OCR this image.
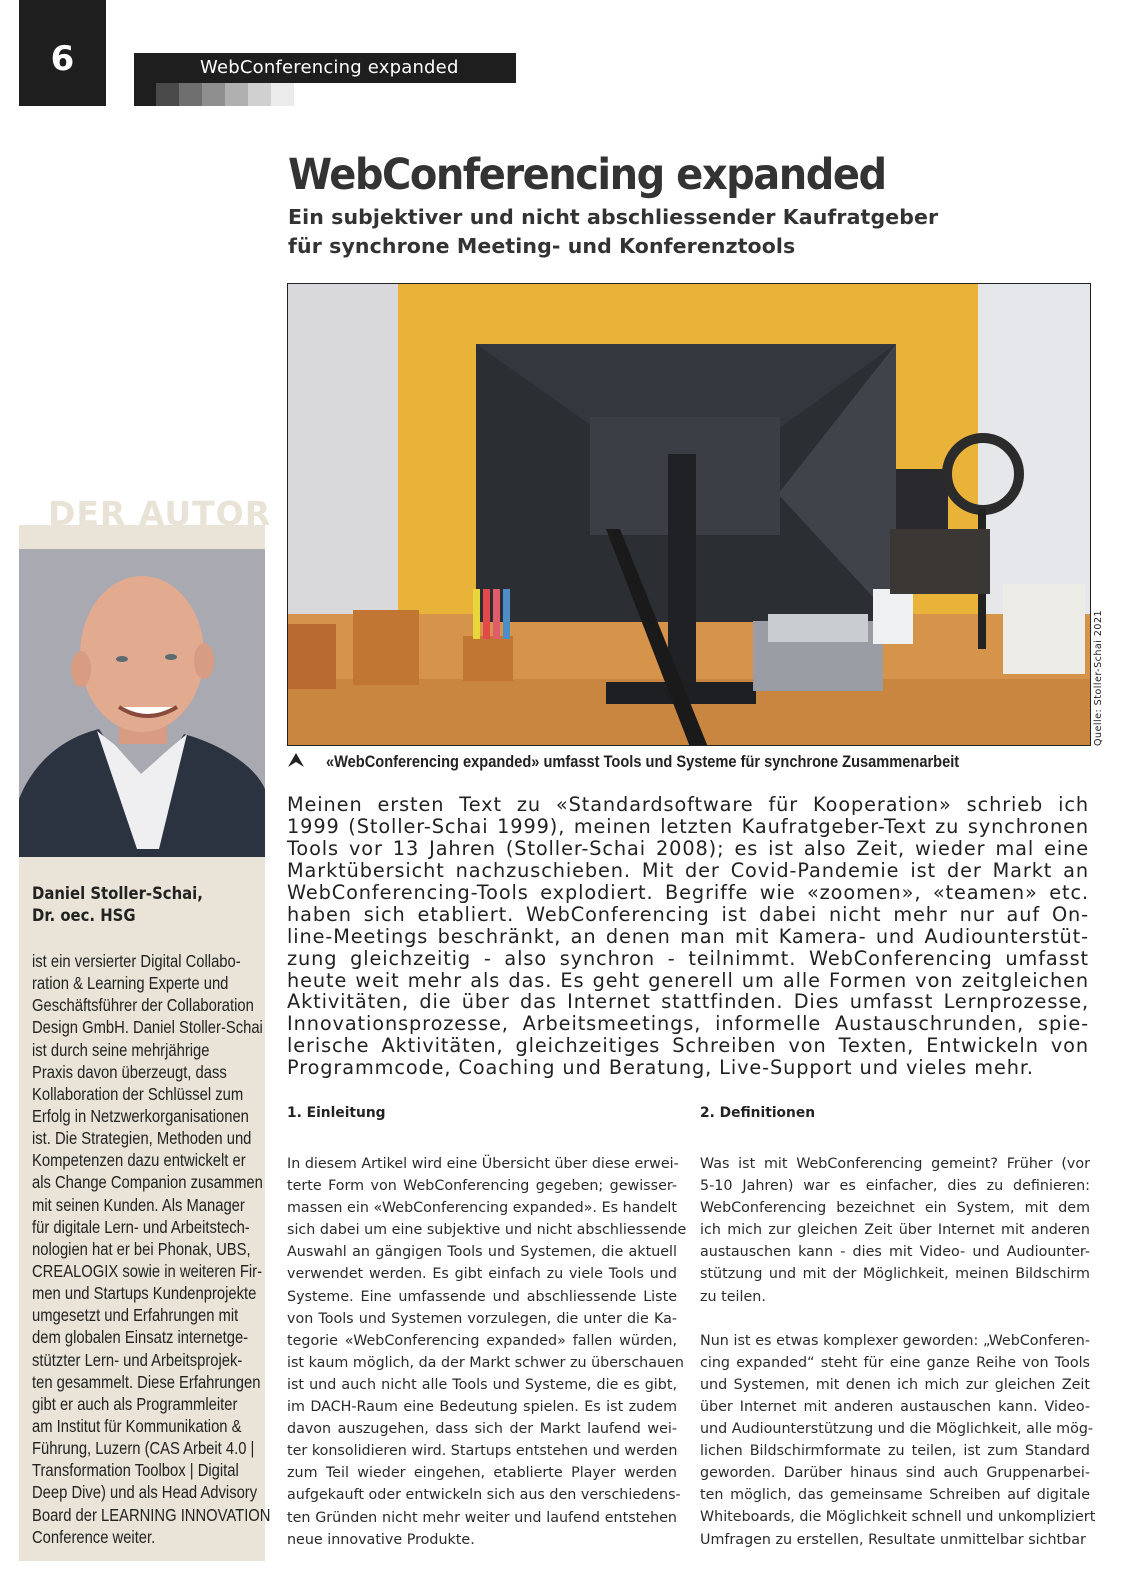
6	WebConferencing expanded
WebConferencing expanded
Ein subjektiver und nicht abschliessender Kaufratgeber
für synchrone Meeting- und Konferenztools
Quelle: Stoller-Schai 2021
«WebConferencing expanded» umfasst Tools und Systeme für synchrone Zusammenarbeit
DER AUTOR
Daniel Stoller-Schai,
Dr. oec. HSG
ist ein versierter Digital Collabo-
ration & Learning Experte und
Geschäftsführer der Collaboration
Design GmbH. Daniel Stoller-Schai
ist durch seine mehrjährige
Praxis davon überzeugt, dass
Kollaboration der Schlüssel zum
Erfolg in Netzwerkorganisationen
ist. Die Strategien, Methoden und
Kompetenzen dazu entwickelt er
als Change Companion zusammen
mit seinen Kunden. Als Manager
für digitale Lern- und Arbeitstech-
nologien hat er bei Phonak, UBS,
CREALOGIX sowie in weiteren Fir-
men und Startups Kundenprojekte
umgesetzt und Erfahrungen mit
dem globalen Einsatz internetge-
stützter Lern- und Arbeitsprojek-
ten gesammelt. Diese Erfahrungen
gibt er auch als Programmleiter
am Institut für Kommunikation &
Führung, Luzern (CAS Arbeit 4.0 |
Transformation Toolbox | Digital
Deep Dive) und als Head Advisory
Board der LEARNING INNOVATION
Conference weiter.
Meinen ersten Text zu «Standardsoftware für Kooperation» schrieb ich
1999 (Stoller-Schai 1999), meinen letzten Kaufratgeber-Text zu synchronen
Tools vor 13 Jahren (Stoller-Schai 2008); es ist also Zeit, wieder mal eine
Marktübersicht nachzuschieben. Mit der Covid-Pandemie ist der Markt an
WebConferencing-Tools explodiert. Begriffe wie «zoomen», «teamen» etc.
haben sich etabliert. WebConferencing ist dabei nicht mehr nur auf On-
line-Meetings beschränkt, an denen man mit Kamera- und Audiounterstüt-
zung gleichzeitig - also synchron - teilnimmt. WebConferencing umfasst
heute weit mehr als das. Es geht generell um alle Formen von zeitgleichen
Aktivitäten, die über das Internet stattfinden. Dies umfasst Lernprozesse,
Innovationsprozesse, Arbeitsmeetings, informelle Austauschrunden, spie-
lerische Aktivitäten, gleichzeitiges Schreiben von Texten, Entwickeln von
Programmcode, Coaching und Beratung, Live-Support und vieles mehr.
1. Einleitung
In diesem Artikel wird eine Übersicht über diese erwei-
terte Form von WebConferencing gegeben; gewisser-
massen ein «WebConferencing expanded». Es handelt
sich dabei um eine subjektive und nicht abschliessende
Auswahl an gängigen Tools und Systemen, die aktuell
verwendet werden. Es gibt einfach zu viele Tools und
Systeme. Eine umfassende und abschliessende Liste
von Tools und Systemen vorzulegen, die unter die Ka-
tegorie «WebConferencing expanded» fallen würden,
ist kaum möglich, da der Markt schwer zu überschauen
ist und auch nicht alle Tools und Systeme, die es gibt,
im DACH-Raum eine Bedeutung spielen. Es ist zudem
davon auszugehen, dass sich der Markt laufend wei-
ter konsolidieren wird. Startups entstehen und werden
zum Teil wieder eingehen, etablierte Player werden
aufgekauft oder entwickeln sich aus den verschiedens-
ten Gründen nicht mehr weiter und laufend entstehen
neue innovative Produkte.
2. Definitionen
Was ist mit WebConferencing gemeint? Früher (vor
5-10 Jahren) war es einfacher, dies zu definieren:
WebConferencing bezeichnet ein System, mit dem
ich mich zur gleichen Zeit über Internet mit anderen
austauschen kann - dies mit Video- und Audiounter-
stützung und mit der Möglichkeit, meinen Bildschirm
zu teilen.
Nun ist es etwas komplexer geworden: „WebConferen-
cing expanded“ steht für eine ganze Reihe von Tools
und Systemen, mit denen ich mich zur gleichen Zeit
über Internet mit anderen austauschen kann. Video-
und Audiounterstützung und die Möglichkeit, alle mög-
lichen Bildschirmformate zu teilen, ist zum Standard
geworden. Darüber hinaus sind auch Gruppenarbei-
ten möglich, das gemeinsame Schreiben auf digitale
Whiteboards, die Möglichkeit schnell und unkompliziert
Umfragen zu erstellen, Resultate unmittelbar sichtbar
